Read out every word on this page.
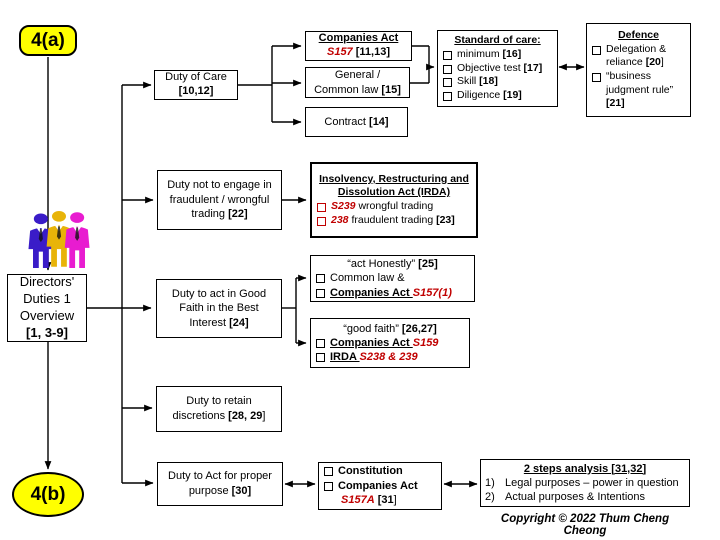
4(a)
Directors'
Duties 1
Overview
[1, 3-9]
4(b)
Duty of Care
[10,12]
Companies Act
S157 [11,13]
General /
Common law [15]
Contract [14]
Standard of care:
minimum [16]
Objective test [17]
Skill [18]
Diligence [19]
Defence
Delegation & reliance [20]
“business judgment rule” [21]
Duty not to engage in
fraudulent / wrongful
trading [22]
Insolvency, Restructuring and
Dissolution Act (IRDA)
S239 wrongful trading
238 fraudulent trading [23]
Duty to act in Good
Faith in the Best
Interest [24]
“act Honestly” [25]
Common law &
Companies Act S157(1)
“good faith” [26,27]
Companies Act S159
IRDA S238 & 239
Duty to retain
discretions [28, 29]
Duty to Act for proper
purpose [30]
Constitution
Companies Act
S157A [31]
2 steps analysis [31,32]
1) Legal purposes – power in question
2) Actual purposes & Intentions
Copyright © 2022 Thum Cheng Cheong
